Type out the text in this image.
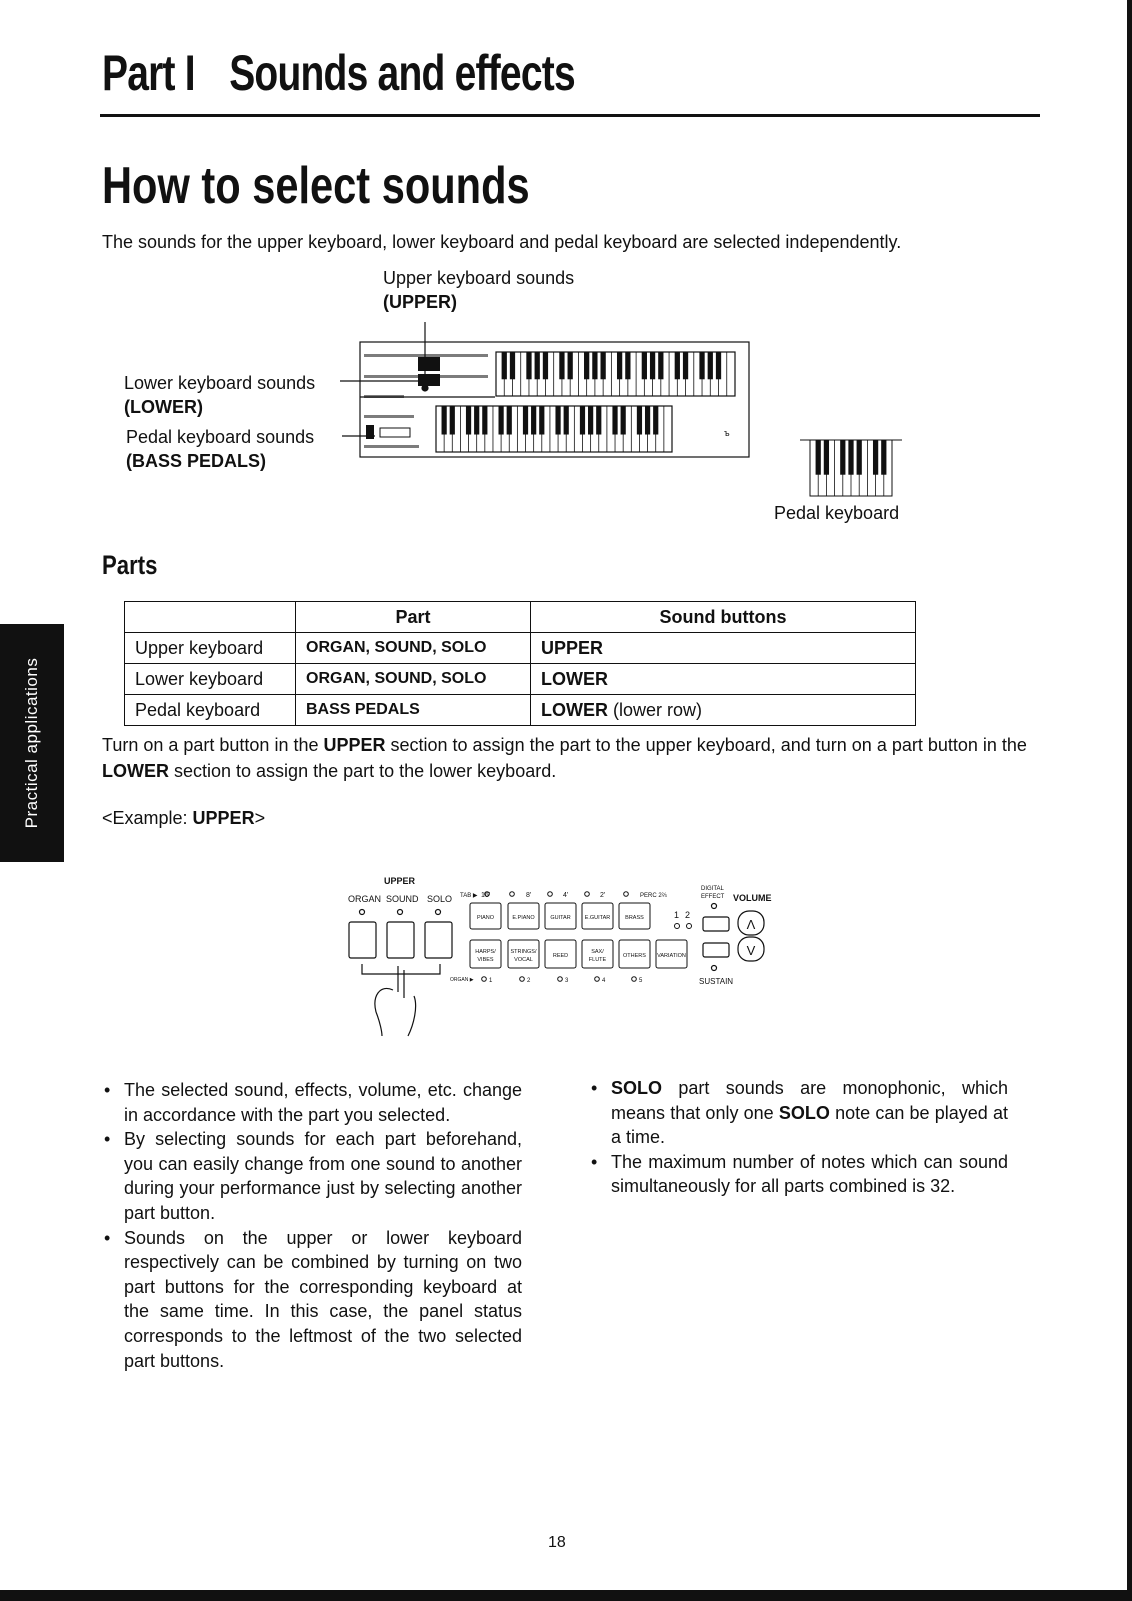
Part I Sounds and effects
How to select sounds
The sounds for the upper keyboard, lower keyboard and pedal keyboard are selected independently.
Upper keyboard sounds
(UPPER)
Lower keyboard sounds
(LOWER)
Pedal keyboard sounds
(BASS PEDALS)
Pedal keyboard
ъ
Parts
	Part	Sound buttons
Upper keyboard	ORGAN, SOUND, SOLO	UPPER
Lower keyboard	ORGAN, SOUND, SOLO	LOWER
Pedal keyboard	BASS PEDALS	LOWER (lower row)
Turn on a part button in the UPPER section to assign the part to the upper keyboard, and turn on a part button in the LOWER section to assign the part to the lower keyboard.
<Example: UPPER>
UPPER
ORGAN SOUND SOLO TAB ▶ 16'	8'	4'	2'	PERC 2⅔
PIANO	E.PIANO	GUITAR	E.GUITAR	BRASS
HARPS/
VIBES
STRINGS/
VOCAL
REED
SAX/
FLUTE
OTHERS VARIATION
1 2
ORGAN ▶	1	2	3	4	5
DIGITAL
EFFECT VOLUME
Λ
V
SUSTAIN
• The selected sound, effects, volume, etc. change in accordance with the part you selected.
• By selecting sounds for each part beforehand, you can easily change from one sound to another during your performance just by selecting another part button.
• Sounds on the upper or lower keyboard respectively can be combined by turning on two part buttons for the corresponding keyboard at the same time. In this case, the panel status corresponds to the leftmost of the two selected part buttons.
• SOLO part sounds are monophonic, which means that only one SOLO note can be played at a time.
• The maximum number of notes which can sound simultaneously for all parts combined is 32.
Practical applications
18
